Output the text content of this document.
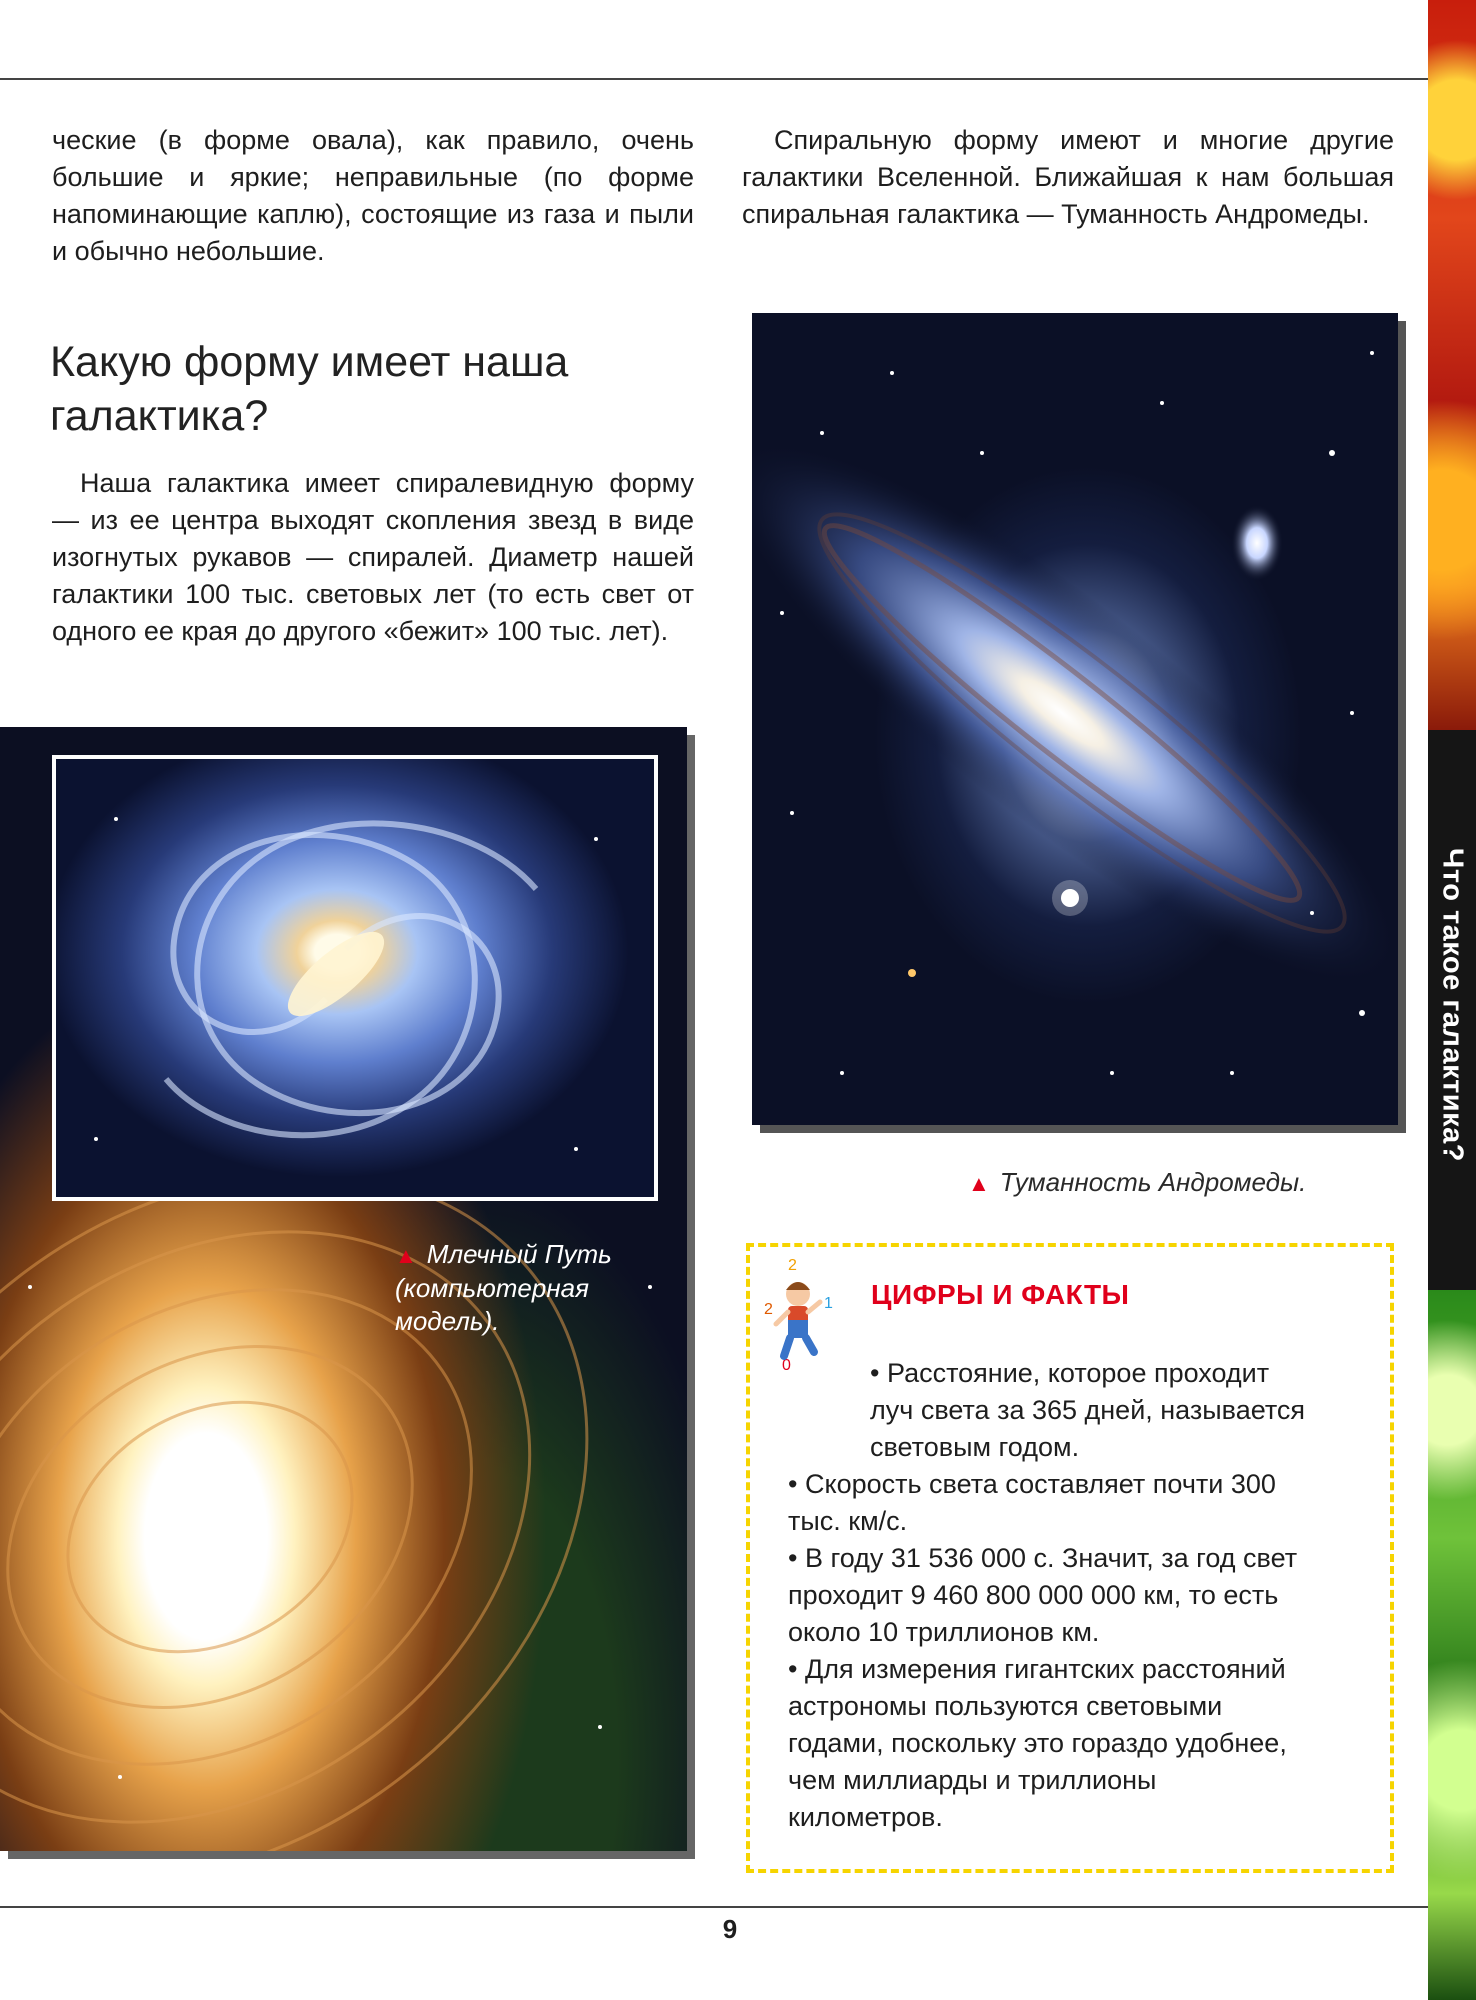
Что такое галактика?

ческие (в форме овала), как правило, очень большие и яркие; неправильные (по форме напоминающие каплю), состоящие из газа и пыли и обычно небольшие.

Спиральную форму имеют и многие другие галактики Вселенной. Ближайшая к нам большая спиральная галактика — Туманность Андромеды.

Какую форму имеет наша галактика?

Наша галактика имеет спиралевидную форму — из ее центра выходят скопления звезд в виде изогнутых рукавов — спиралей. Диаметр нашей галактики 100 тыс. световых лет (то есть свет от одного ее края до другого «бежит» 100 тыс. лет).

▲ Туманность Андромеды.

▲ Млечный Путь (компьютерная модель).

2
2	1
0

ЦИФРЫ И ФАКТЫ

• Расстояние, которое проходит луч света за 365 дней, называется световым годом.
• Скорость света составляет почти 300 тыс. км/с.
• В году 31 536 000 с. Значит, за год свет проходит 9 460 800 000 000 км, то есть около 10 триллионов км.
• Для измерения гигантских расстояний астрономы пользуются световыми годами, поскольку это гораздо удобнее, чем миллиарды и триллионы километров.

9
